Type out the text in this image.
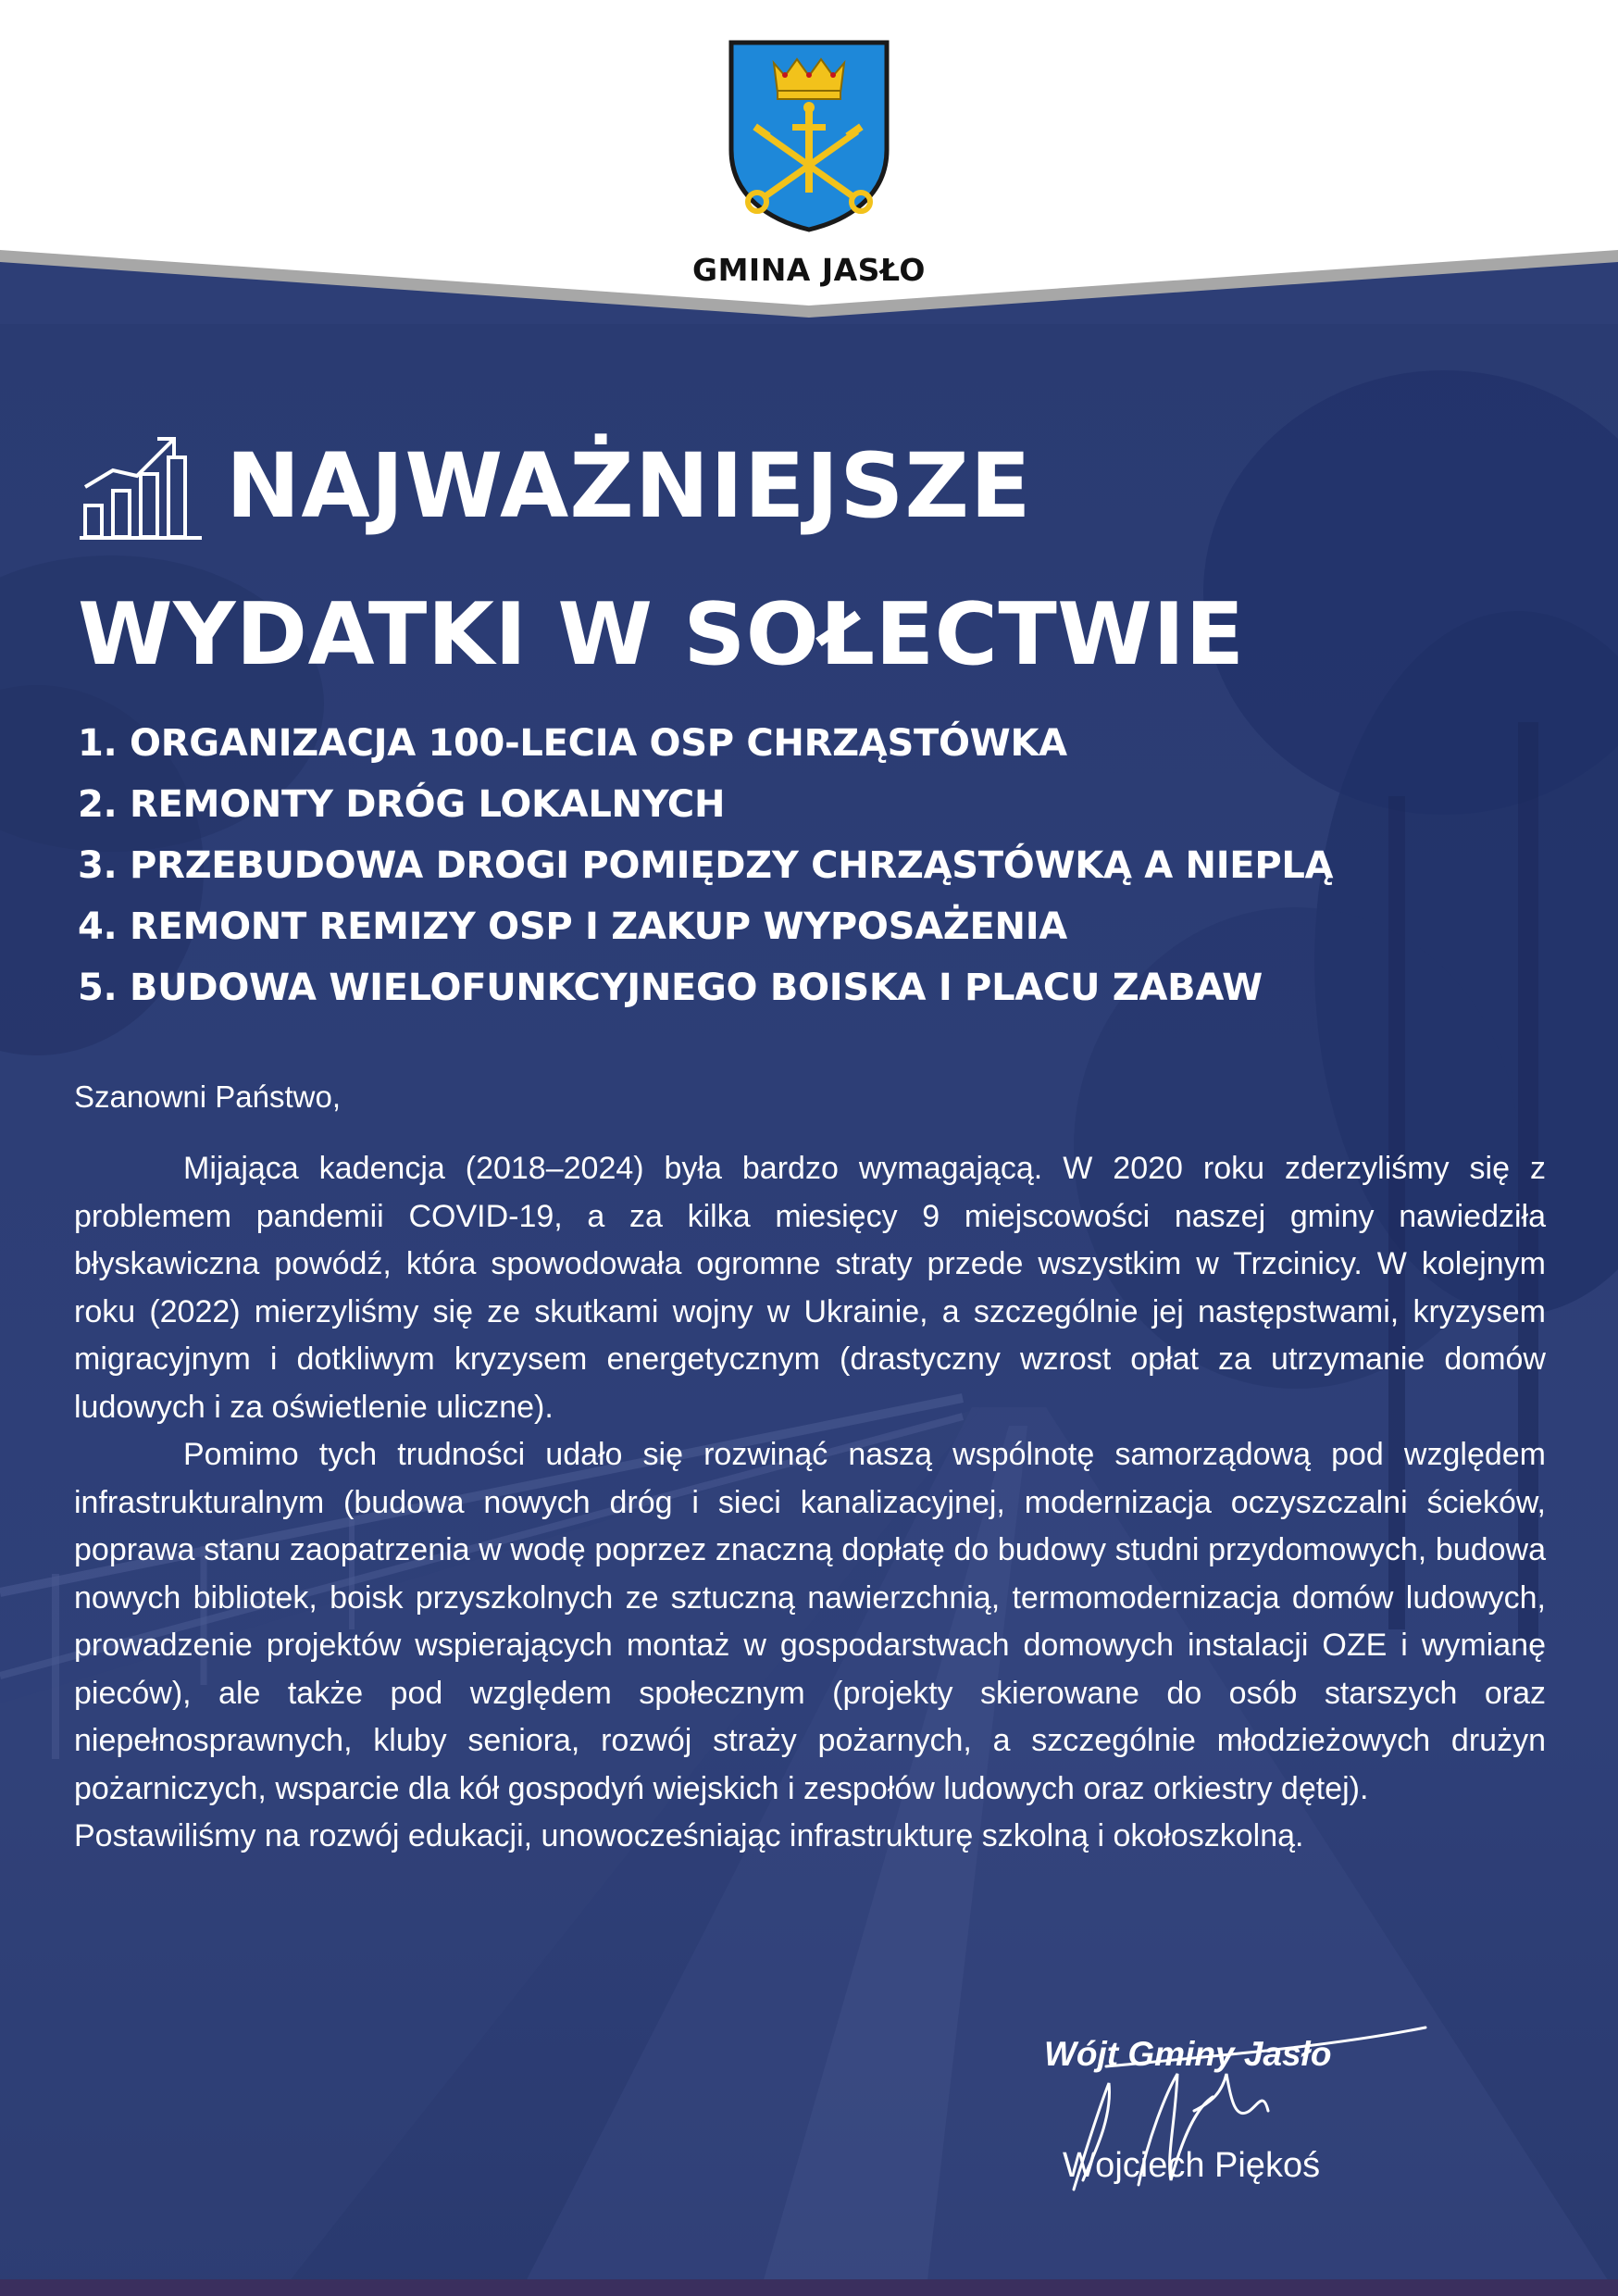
GMINA JASŁO
NAJWAŻNIEJSZE
WYDATKI W SOŁECTWIE
1. ORGANIZACJA 100-LECIA OSP CHRZĄSTÓWKA
2. REMONTY DRÓG LOKALNYCH
3. PRZEBUDOWA DROGI POMIĘDZY CHRZĄSTÓWKĄ A NIEPLĄ
4. REMONT REMIZY OSP I ZAKUP WYPOSAŻENIA
5. BUDOWA WIELOFUNKCYJNEGO BOISKA I PLACU ZABAW
Szanowni Państwo,

Mijająca kadencja (2018–2024) była bardzo wymagającą. W 2020 roku zderzyliśmy się z problemem pandemii COVID-19, a za kilka miesięcy 9 miejscowości naszej gminy nawiedziła błyskawiczna powódź, która spowodowała ogromne straty przede wszystkim w Trzcinicy. W kolejnym roku (2022) mierzyliśmy się ze skutkami wojny w Ukrainie, a szczególnie jej następstwami, kryzysem migracyjnym i dotkliwym kryzysem energetycznym (drastyczny wzrost opłat za utrzymanie domów ludowych i za oświetlenie uliczne).

Pomimo tych trudności udało się rozwinąć naszą wspólnotę samorządową pod względem infrastrukturalnym (budowa nowych dróg i sieci kanalizacyjnej, modernizacja oczyszczalni ścieków, poprawa stanu zaopatrzenia w wodę poprzez znaczną dopłatę do budowy studni przydomowych, budowa nowych bibliotek, boisk przyszkolnych ze sztuczną nawierzchnią, termomodernizacja domów ludowych, prowadzenie projektów wspierających montaż w gospodarstwach domowych instalacji OZE i wymianę pieców), ale także pod względem społecznym (projekty skierowane do osób starszych oraz niepełnosprawnych, kluby seniora, rozwój straży pożarnych, a szczególnie młodzieżowych drużyn pożarniczych, wsparcie dla kół gospodyń wiejskich i zespołów ludowych oraz orkiestry dętej).

Postawiliśmy na rozwój edukacji, unowocześniając infrastrukturę szkolną i okołoszkolną.

Wójt Gminy Jasło
Wojciech Piękoś
